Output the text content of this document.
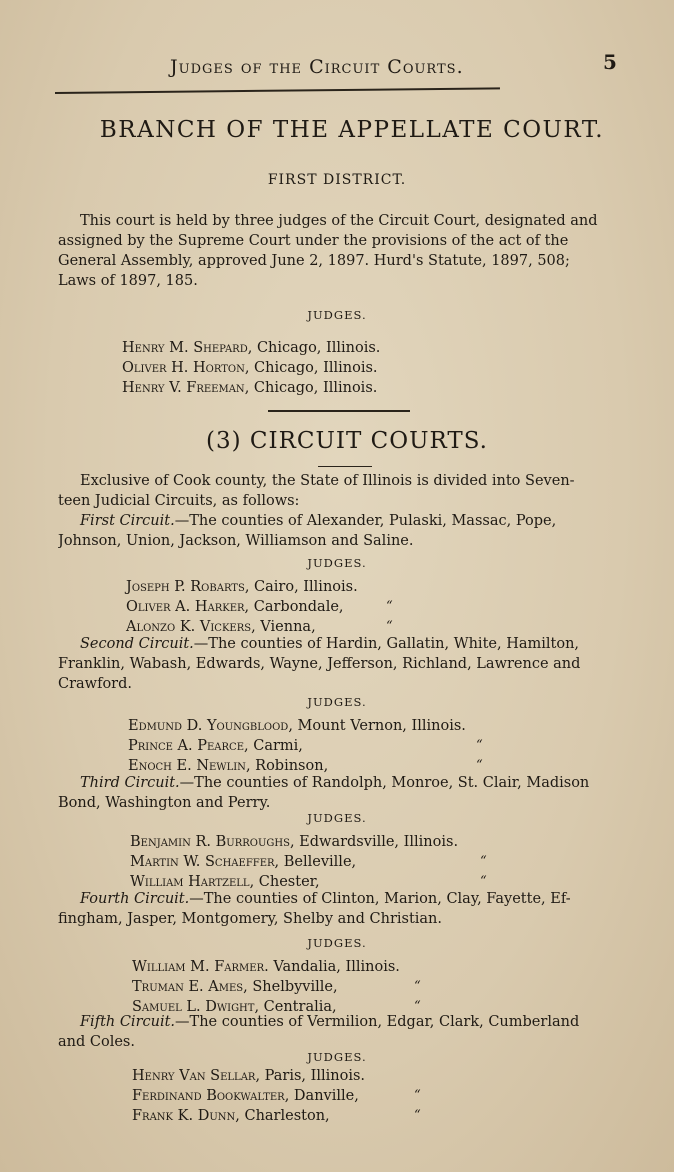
Judges of the Circuit Courts.	5
BRANCH OF THE APPELLATE COURT.
FIRST DISTRICT.
This court is held by three judges of the Circuit Court, designated and
assigned by the Supreme Court under the provisions of the act of the
General Assembly, approved June 2, 1897. Hurd's Statute, 1897, 508;
Laws of 1897, 185.
JUDGES.
Henry M. Shepard, Chicago, Illinois.
Oliver H. Horton, Chicago, Illinois.
Henry V. Freeman, Chicago, Illinois.
(3) CIRCUIT COURTS.
Exclusive of Cook county, the State of Illinois is divided into Seven-
teen Judicial Circuits, as follows:
First Circuit.—The counties of Alexander, Pulaski, Massac, Pope,
Johnson, Union, Jackson, Williamson and Saline.
JUDGES.
Joseph P. Robarts, Cairo, Illinois.
Oliver A. Harker, Carbondale,	“
Alonzo K. Vickers, Vienna,	“
Second Circuit.—The counties of Hardin, Gallatin, White, Hamilton,
Franklin, Wabash, Edwards, Wayne, Jefferson, Richland, Lawrence and
Crawford.
JUDGES.
Edmund D. Youngblood, Mount Vernon, Illinois.
Prince A. Pearce, Carmi,	“
Enoch E. Newlin, Robinson,	“
Third Circuit.—The counties of Randolph, Monroe, St. Clair, Madison
Bond, Washington and Perry.
JUDGES.
Benjamin R. Burroughs, Edwardsville, Illinois.
Martin W. Schaeffer, Belleville,	“
William Hartzell, Chester,	“
Fourth Circuit.—The counties of Clinton, Marion, Clay, Fayette, Ef-
fingham, Jasper, Montgomery, Shelby and Christian.
JUDGES.
William M. Farmer. Vandalia, Illinois.
Truman E. Ames, Shelbyville,	“
Samuel L. Dwight, Centralia,	“
Fifth Circuit.—The counties of Vermilion, Edgar, Clark, Cumberland
and Coles.
JUDGES.
Henry Van Sellar, Paris, Illinois.
Ferdinand Bookwalter, Danville,	“
Frank K. Dunn, Charleston,	“
